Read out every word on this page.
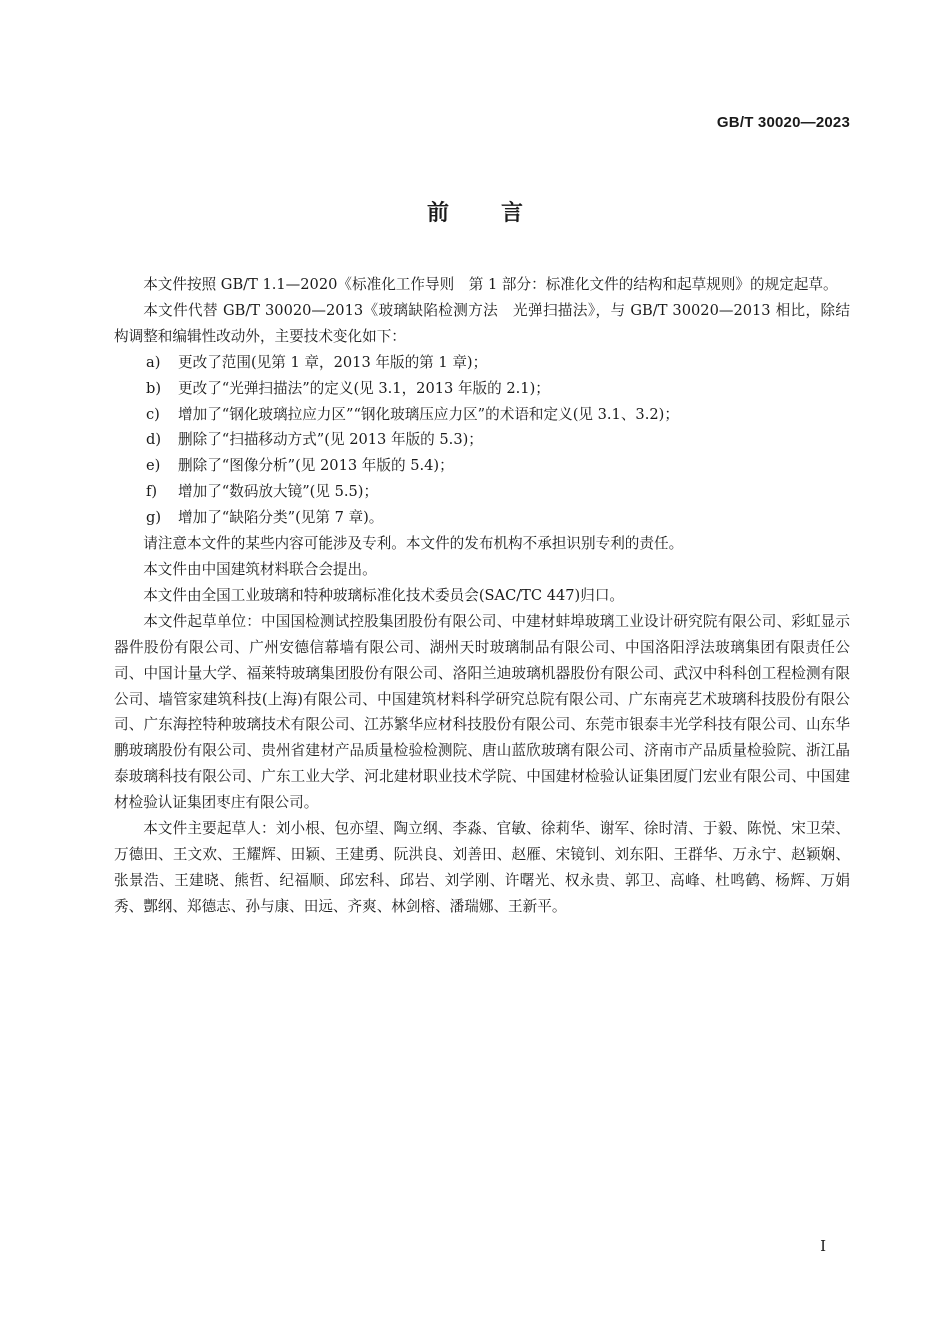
GB/T 30020—2023
前 言

本文件按照 GB/T 1.1—2020《标准化工作导则　第 1 部分：标准化文件的结构和起草规则》的规定起草。

本文件代替 GB/T 30020—2013《玻璃缺陷检测方法　光弹扫描法》，与 GB/T 30020—2013 相比，除结构调整和编辑性改动外，主要技术变化如下：

a) 更改了范围(见第 1 章，2013 年版的第 1 章)；

b) 更改了“光弹扫描法”的定义(见 3.1，2013 年版的 2.1)；

c) 增加了“钢化玻璃拉应力区”“钢化玻璃压应力区”的术语和定义(见 3.1、3.2)；

d) 删除了“扫描移动方式”(见 2013 年版的 5.3)；

e) 删除了“图像分析”(见 2013 年版的 5.4)；

f) 增加了“数码放大镜”(见 5.5)；

g) 增加了“缺陷分类”(见第 7 章)。

请注意本文件的某些内容可能涉及专利。本文件的发布机构不承担识别专利的责任。

本文件由中国建筑材料联合会提出。

本文件由全国工业玻璃和特种玻璃标准化技术委员会(SAC/TC 447)归口。

本文件起草单位：中国国检测试控股集团股份有限公司、中建材蚌埠玻璃工业设计研究院有限公司、彩虹显示器件股份有限公司、广州安德信幕墙有限公司、湖州天时玻璃制品有限公司、中国洛阳浮法玻璃集团有限责任公司、中国计量大学、福莱特玻璃集团股份有限公司、洛阳兰迪玻璃机器股份有限公司、武汉中科科创工程检测有限公司、墙管家建筑科技(上海)有限公司、中国建筑材料科学研究总院有限公司、广东南亮艺术玻璃科技股份有限公司、广东海控特种玻璃技术有限公司、江苏繁华应材科技股份有限公司、东莞市银泰丰光学科技有限公司、山东华鹏玻璃股份有限公司、贵州省建材产品质量检验检测院、唐山蓝欣玻璃有限公司、济南市产品质量检验院、浙江晶泰玻璃科技有限公司、广东工业大学、河北建材职业技术学院、中国建材检验认证集团厦门宏业有限公司、中国建材检验认证集团枣庄有限公司。

本文件主要起草人：刘小根、包亦望、陶立纲、李淼、官敏、徐莉华、谢军、徐时清、于毅、陈悦、宋卫荣、万德田、王文欢、王耀辉、田颖、王建勇、阮洪良、刘善田、赵雁、宋镜钊、刘东阳、王群华、万永宁、赵颖娴、张景浩、王建晓、熊哲、纪福顺、邱宏科、邱岩、刘学刚、许曙光、权永贵、郭卫、高峰、杜鸣鹤、杨辉、万娟秀、酆纲、郑德志、孙与康、田远、齐爽、林剑榕、潘瑞娜、王新平。

I
